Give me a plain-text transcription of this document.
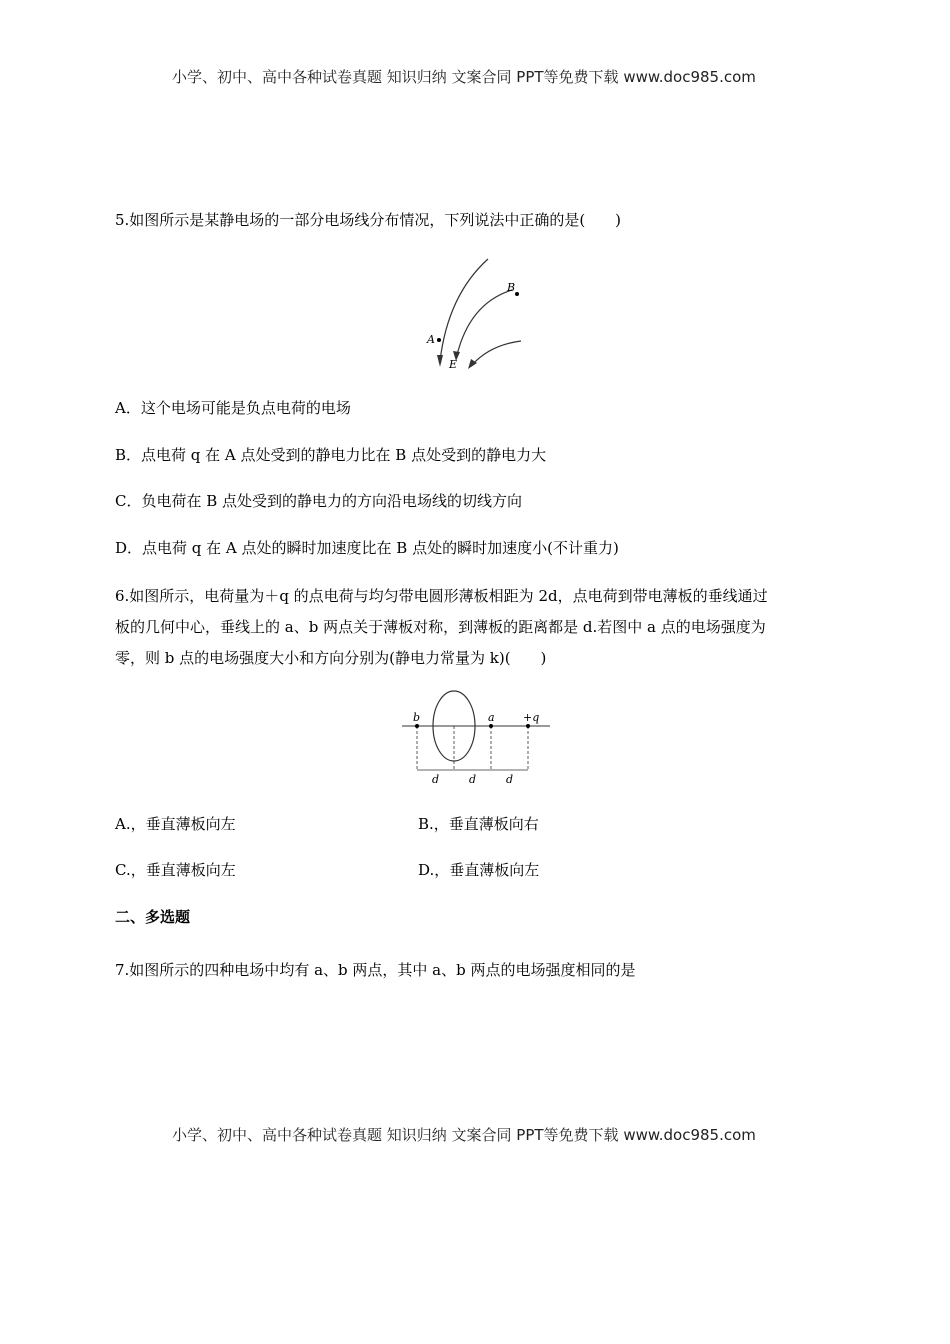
小学、初中、高中各种试卷真题 知识归纳 文案合同 PPT等免费下载 www.doc985.com
5.如图所示是某静电场的一部分电场线分布情况，下列说法中正确的是(　　)
A
B
E
A．这个电场可能是负点电荷的电场
B．点电荷 q 在 A 点处受到的静电力比在 B 点处受到的静电力大
C．负电荷在 B 点处受到的静电力的方向沿电场线的切线方向
D．点电荷 q 在 A 点处的瞬时加速度比在 B 点处的瞬时加速度小(不计重力)
6.如图所示，电荷量为＋q 的点电荷与均匀带电圆形薄板相距为 2d，点电荷到带电薄板的垂线通过
板的几何中心，垂线上的 a、b 两点关于薄板对称，到薄板的距离都是 d.若图中 a 点的电场强度为
零，则 b 点的电场强度大小和方向分别为(静电力常量为 k)(　　)
b	a	+q
d	d	d
A.，垂直薄板向左	B.，垂直薄板向右
C.，垂直薄板向左	D.，垂直薄板向左
二、多选题
7.如图所示的四种电场中均有 a、b 两点，其中 a、b 两点的电场强度相同的是
小学、初中、高中各种试卷真题 知识归纳 文案合同 PPT等免费下载 www.doc985.com
